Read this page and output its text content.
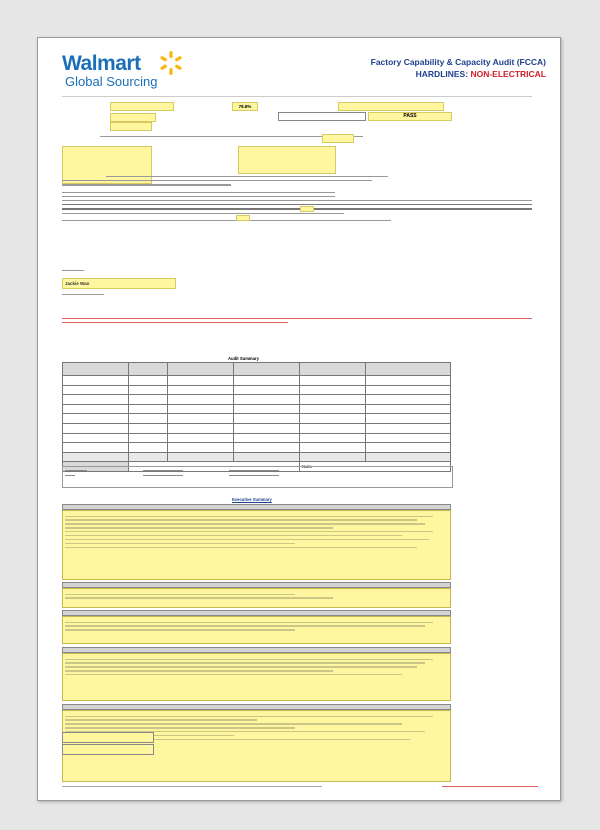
Walmart
Global Sourcing
Factory Capability & Capacity Audit (FCCA)
HARDLINES: NON-ELECTRICAL
78.8%
PASS
Jackie Wan
Audit Summary

				78.8%	
Executive Summary
